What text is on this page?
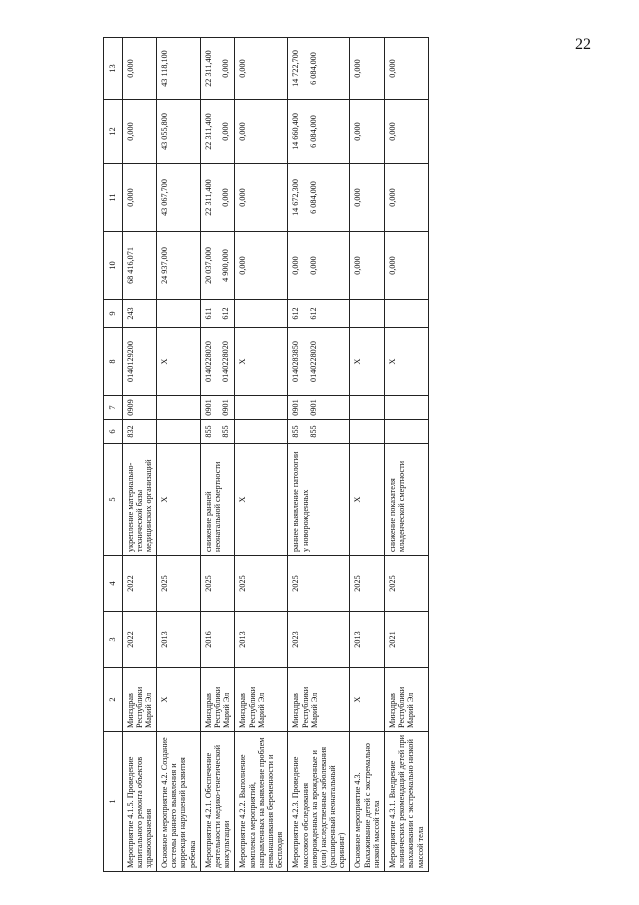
22
1	2	3	4	5	6	7	8	9	10	11	12	13
Мероприятие 4.1.5. Проведение капитального ремонта объектов здравоохранения	Минздрав Республики Марий Эл	2022	2022	укрепление материально-технической базы медицинских организаций	832	0909	0140129200	243	68 416,071	0,000	0,000	0,000

Основное мероприятие 4.2. Создание системы раннего выявления и коррекции нарушений развития ребенка	Х	2013	2025	Х			Х		24 937,000	43 067,700	43 055,800	43 118,100

Мероприятие 4.2.1. Обеспечение деятельности медико-генетической консультации	Минздрав Республики Марий Эл	2016	2025	снижение ранней неонатальной смертности	855 855	0901 0901	0140228020 0140228020	611 612	20 037,000 4 900,000	22 311,400 0,000	22 311,400 0,000	22 311,400 0,000

Мероприятие 4.2.2. Выполнение комплекса мероприятий, направленных на выявление проблем невынашивания беременности и бесплодия	Минздрав Республики Марий Эл	2013	2025	Х			Х		0,000	0,000	0,000	0,000

Мероприятие 4.2.3. Проведение массового обследования новорожденных на врожденные и (или) наследственные заболевания (расширенный неонатальный скрининг)	Минздрав Республики Марий Эл	2023	2025	раннее выявление патологии у новорожденных	855 855	0901 0901	0140283850 0140228020	612 612	0,000 0,000	14 672,300 6 084,000	14 660,400 6 084,000	14 722,700 6 084,000

Основное мероприятие 4.3. Выхаживание детей с экстремально низкой массой тела	Х	2013	2025	Х			Х		0,000	0,000	0,000	0,000

Мероприятие 4.3.1. Внедрение клинических рекомендаций детей при выхаживании с экстремально низкой массой тела	Минздрав Республики Марий Эл	2021	2025	снижение показателя младенческой смертности			Х		0,000	0,000	0,000	0,000
